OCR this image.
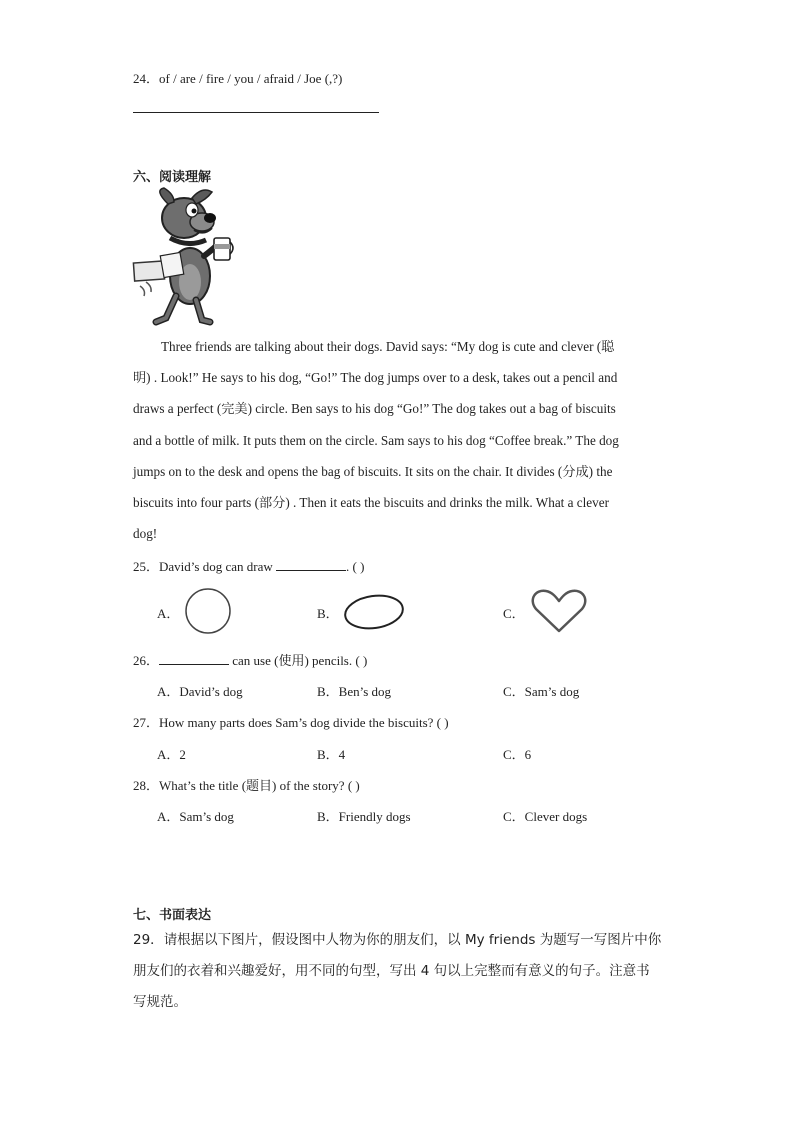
24．of / are / fire / you / afraid / Joe (,?)
六、阅读理解
Three friends are talking about their dogs. David says: “My dog is cute and clever (聪
明) . Look!” He says to his dog, “Go!” The dog jumps over to a desk, takes out a pencil and
draws a perfect (完美) circle. Ben says to his dog “Go!” The dog takes out a bag of biscuits
and a bottle of milk. It puts them on the circle. Sam says to his dog “Coffee break.” The dog
jumps on to the desk and opens the bag of biscuits. It sits on the chair. It divides (分成) the
biscuits into four parts (部分) . Then it eats the biscuits and drinks the milk. What a clever
dog!
25．David’s dog can draw	. ( )
A．	B．	C．
26．	can use (使用) pencils. ( )
A．David’s dog	B．Ben’s dog	C．Sam’s dog
27．How many parts does Sam’s dog divide the biscuits? ( )
A．2	B．4	C．6
28．What’s the title (题目) of the story? ( )
A．Sam’s dog	B．Friendly dogs	C．Clever dogs
七、书面表达
29．请根据以下图片，假设图中人物为你的朋友们，以 My friends 为题写一写图片中你
朋友们的衣着和兴趣爱好，用不同的句型，写出 4 句以上完整而有意义的句子。注意书
写规范。
